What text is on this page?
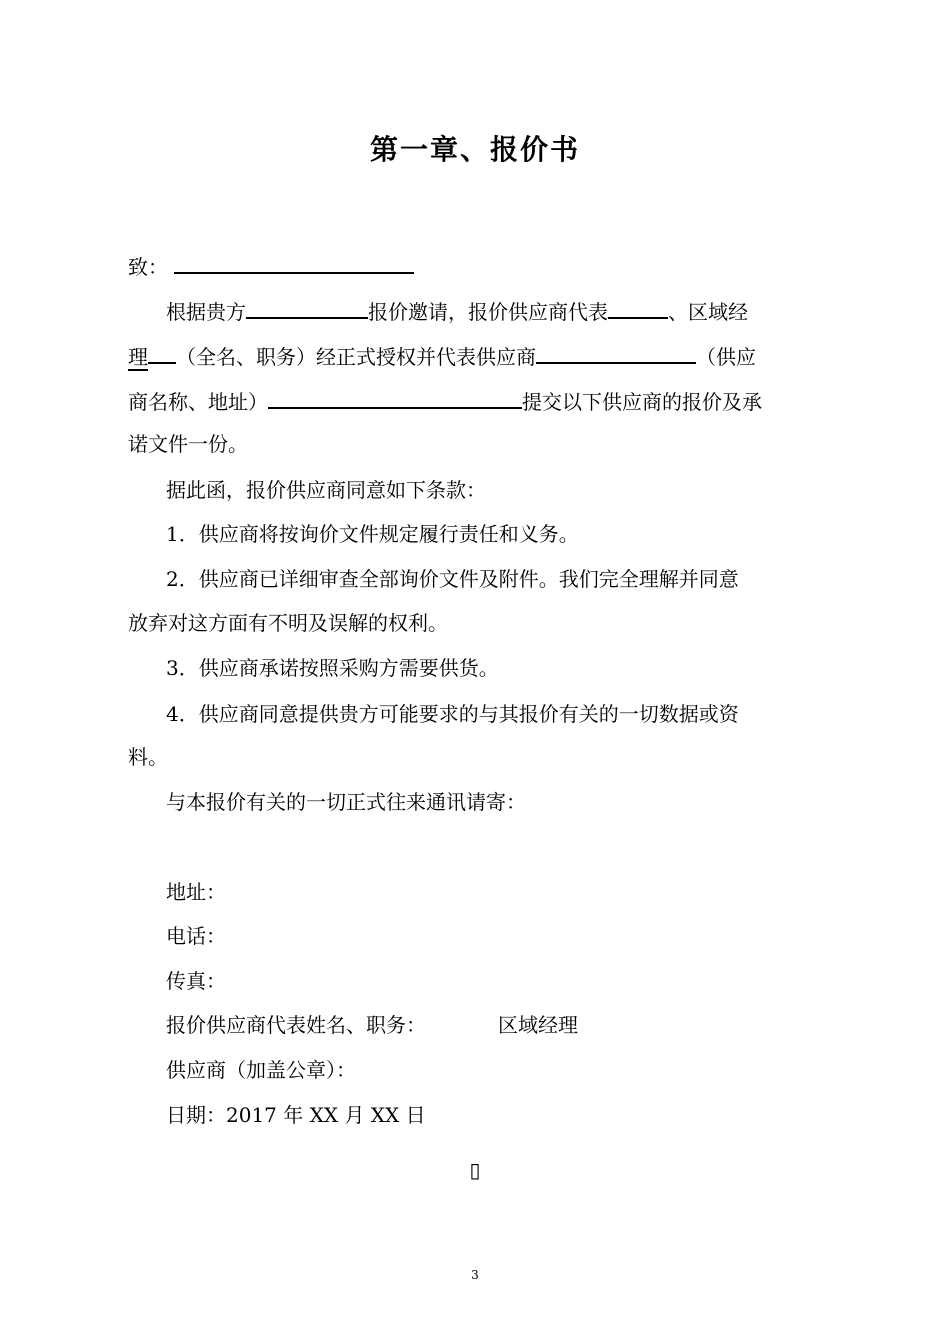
第一章、报价书
致：
根据贵方	报价邀请，报价供应商代表	、区域经
理 （全名、职务）经正式授权并代表供应商	（供应
商名称、地址）	提交以下供应商的报价及承
诺文件一份。
据此函，报价供应商同意如下条款：
1．供应商将按询价文件规定履行责任和义务。
2．供应商已详细审查全部询价文件及附件。我们完全理解并同意
放弃对这方面有不明及误解的权利。
3．供应商承诺按照采购方需要供货。
4．供应商同意提供贵方可能要求的与其报价有关的一切数据或资
料。
与本报价有关的一切正式往来通讯请寄：
地址：
电话：
传真：
报价供应商代表姓名、职务：	区域经理
供应商（加盖公章）：
日期：2017 年 XX 月 XX 日
▯
3
